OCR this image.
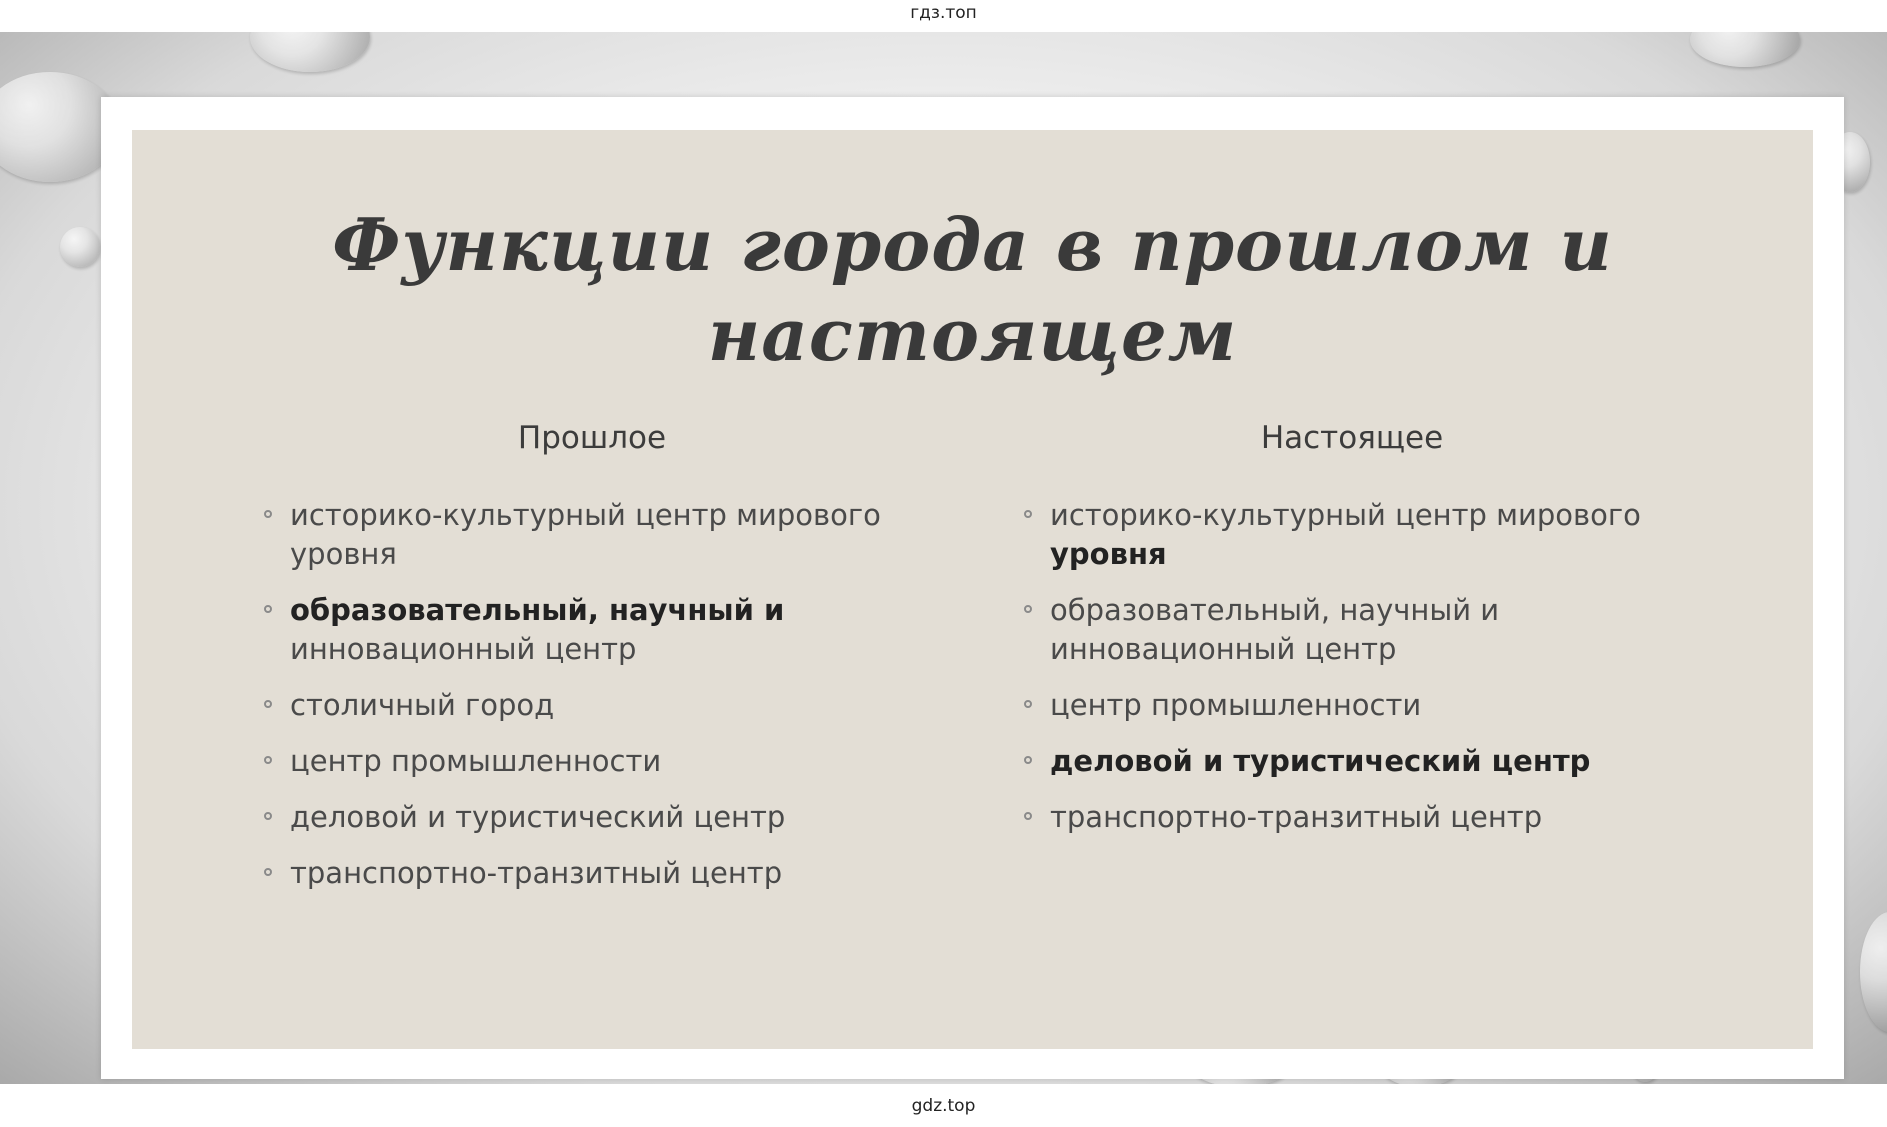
гдз.топ
Функции города в прошлом и
настоящем
Прошлое
историко-культурный центр мирового уровня
образовательный, научный и инновационный центр
столичный город
центр промышленности
деловой и туристический центр
транспортно-транзитный центр
Настоящее
историко-культурный центр мирового уровня
образовательный, научный и инновационный центр
центр промышленности
деловой и туристический центр
транспортно-транзитный центр
gdz.top
